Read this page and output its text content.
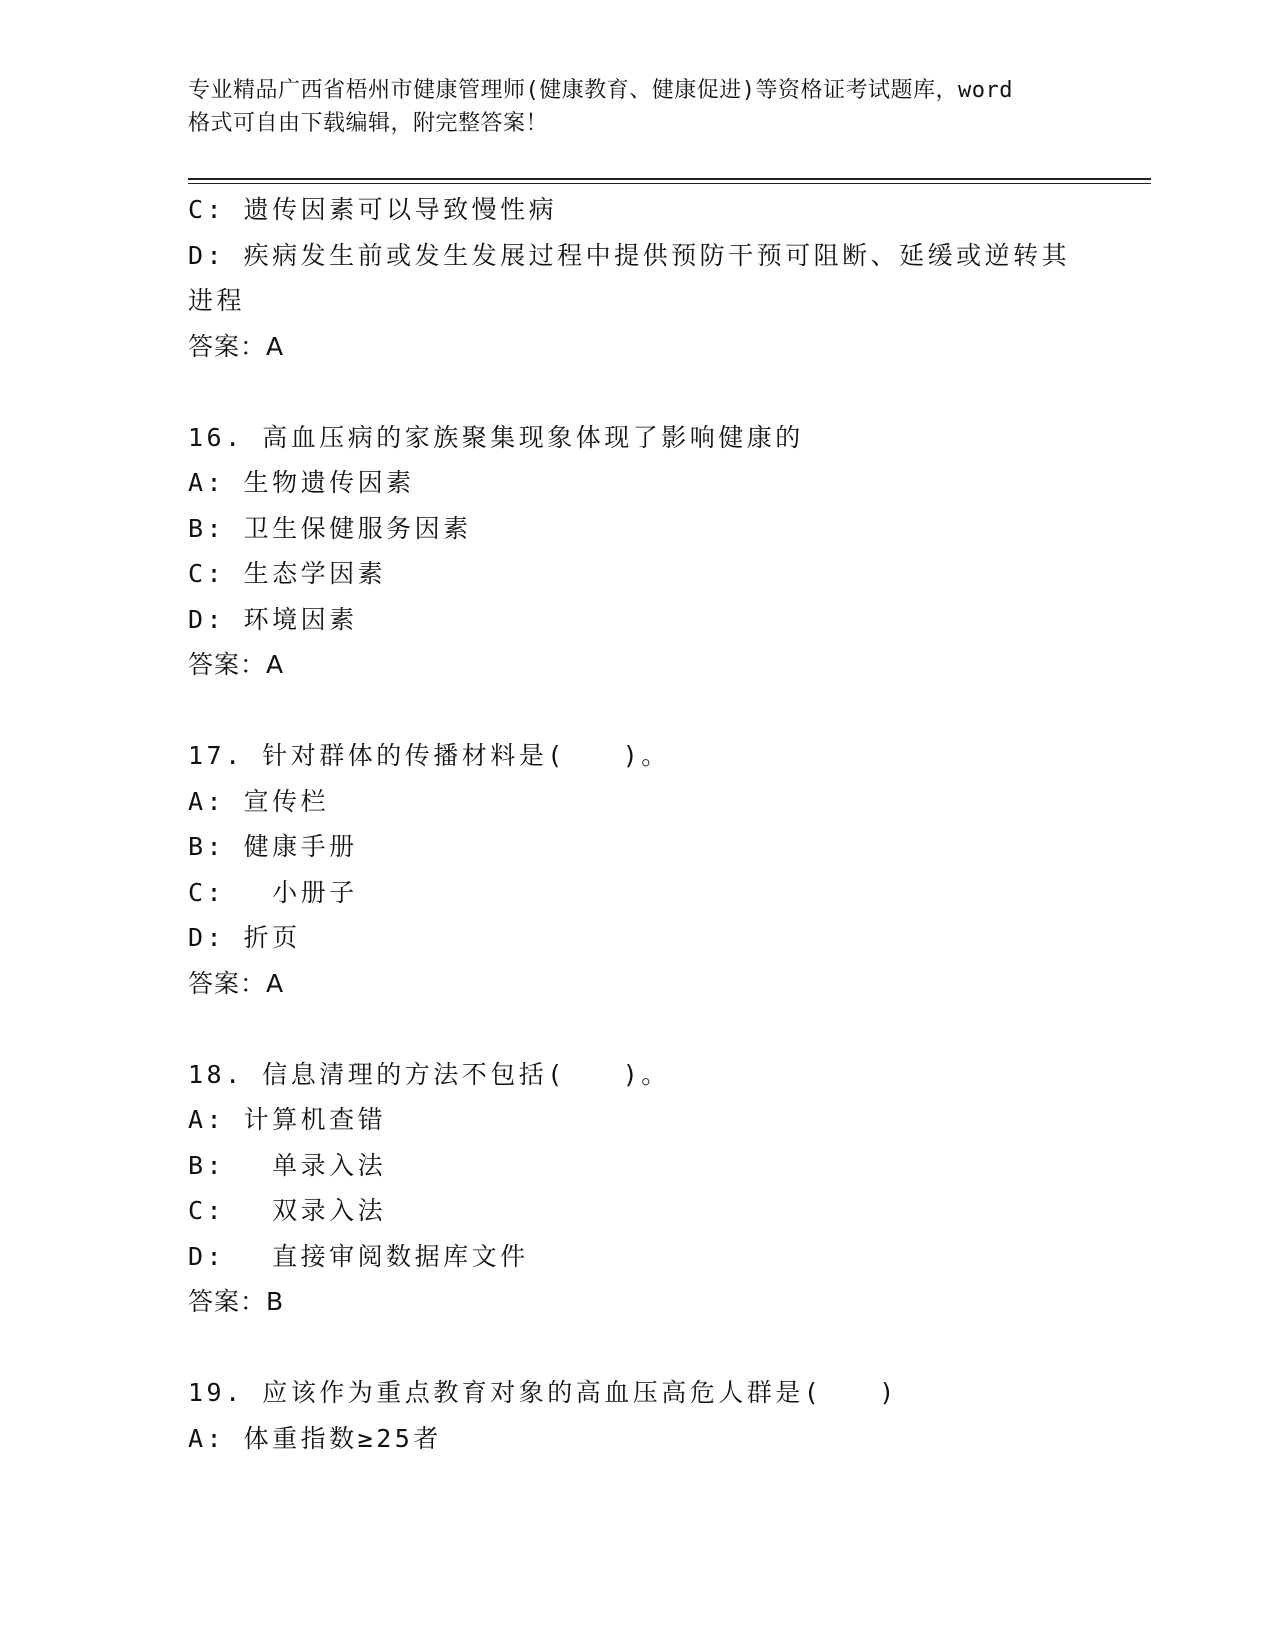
专业精品广西省梧州市健康管理师(健康教育、健康促进)等资格证考试题库，word
格式可自由下载编辑，附完整答案！
C: 遗传因素可以导致慢性病
D: 疾病发生前或发生发展过程中提供预防干预可阻断、延缓或逆转其
进程
答案：A
16. 高血压病的家族聚集现象体现了影响健康的
A: 生物遗传因素
B: 卫生保健服务因素
C: 生态学因素
D: 环境因素
答案：A
17. 针对群体的传播材料是(　　)。
A: 宣传栏
B: 健康手册
C: 　小册子
D: 折页
答案：A
18. 信息清理的方法不包括(　　)。
A: 计算机查错
B: 　单录入法
C: 　双录入法
D: 　直接审阅数据库文件
答案：B
19. 应该作为重点教育对象的高血压高危人群是(　　)
A: 体重指数≥25者
